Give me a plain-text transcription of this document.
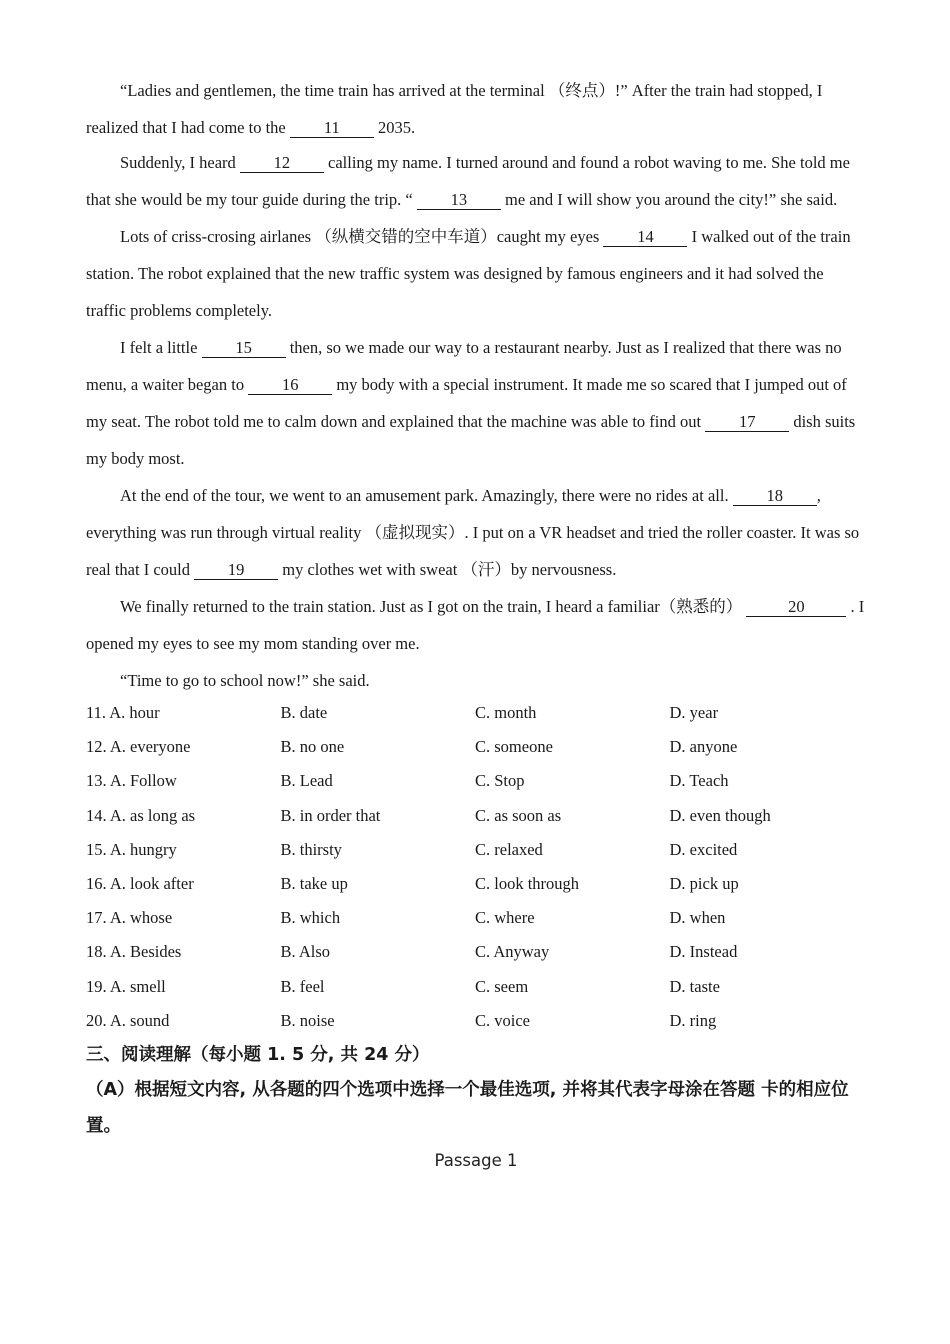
“Ladies and gentlemen, the time train has arrived at the terminal （终点）!” After the train had stopped, I realized that I had come to the 11 2035.

Suddenly, I heard 12 calling my name. I turned around and found a robot waving to me. She told me that she would be my tour guide during the trip. “ 13 me and I will show you around the city!” she said.

Lots of criss-crosing airlanes （纵横交错的空中车道）caught my eyes 14 I walked out of the train station. The robot explained that the new traffic system was designed by famous engineers and it had solved the traffic problems completely.

I felt a little 15 then, so we made our way to a restaurant nearby. Just as I realized that there was no menu, a waiter began to 16 my body with a special instrument. It made me so scared that I jumped out of my seat. The robot told me to calm down and explained that the machine was able to find out 17 dish suits my body most.

At the end of the tour, we went to an amusement park. Amazingly, there were no rides at all. 18 , everything was run through virtual reality （虚拟现实）. I put on a VR headset and tried the roller coaster. It was so real that I could 19 my clothes wet with sweat （汗）by nervousness.

We finally returned to the train station. Just as I got on the train, I heard a familiar（熟悉的）	20	. I opened my eyes to see my mom standing over me.

“Time to go to school now!” she said.

11. A. hour	B. date	C. month	D. year
12. A. everyone	B. no one	C. someone	D. anyone
13. A. Follow	B. Lead	C. Stop	D. Teach
14. A. as long as	B. in order that	C. as soon as	D. even though
15. A. hungry	B. thirsty	C. relaxed	D. excited
16. A. look after	B. take up	C. look through	D. pick up
17. A. whose	B. which	C. where	D. when
18. A. Besides	B. Also	C. Anyway	D. Instead
19. A. smell	B. feel	C. seem	D. taste
20. A. sound	B. noise	C. voice	D. ring

三、阅读理解（每小题 1. 5 分, 共 24 分）

（A）根据短文内容, 从各题的四个选项中选择一个最佳选项, 并将其代表字母涂在答题 卡的相应位置。

Passage 1
